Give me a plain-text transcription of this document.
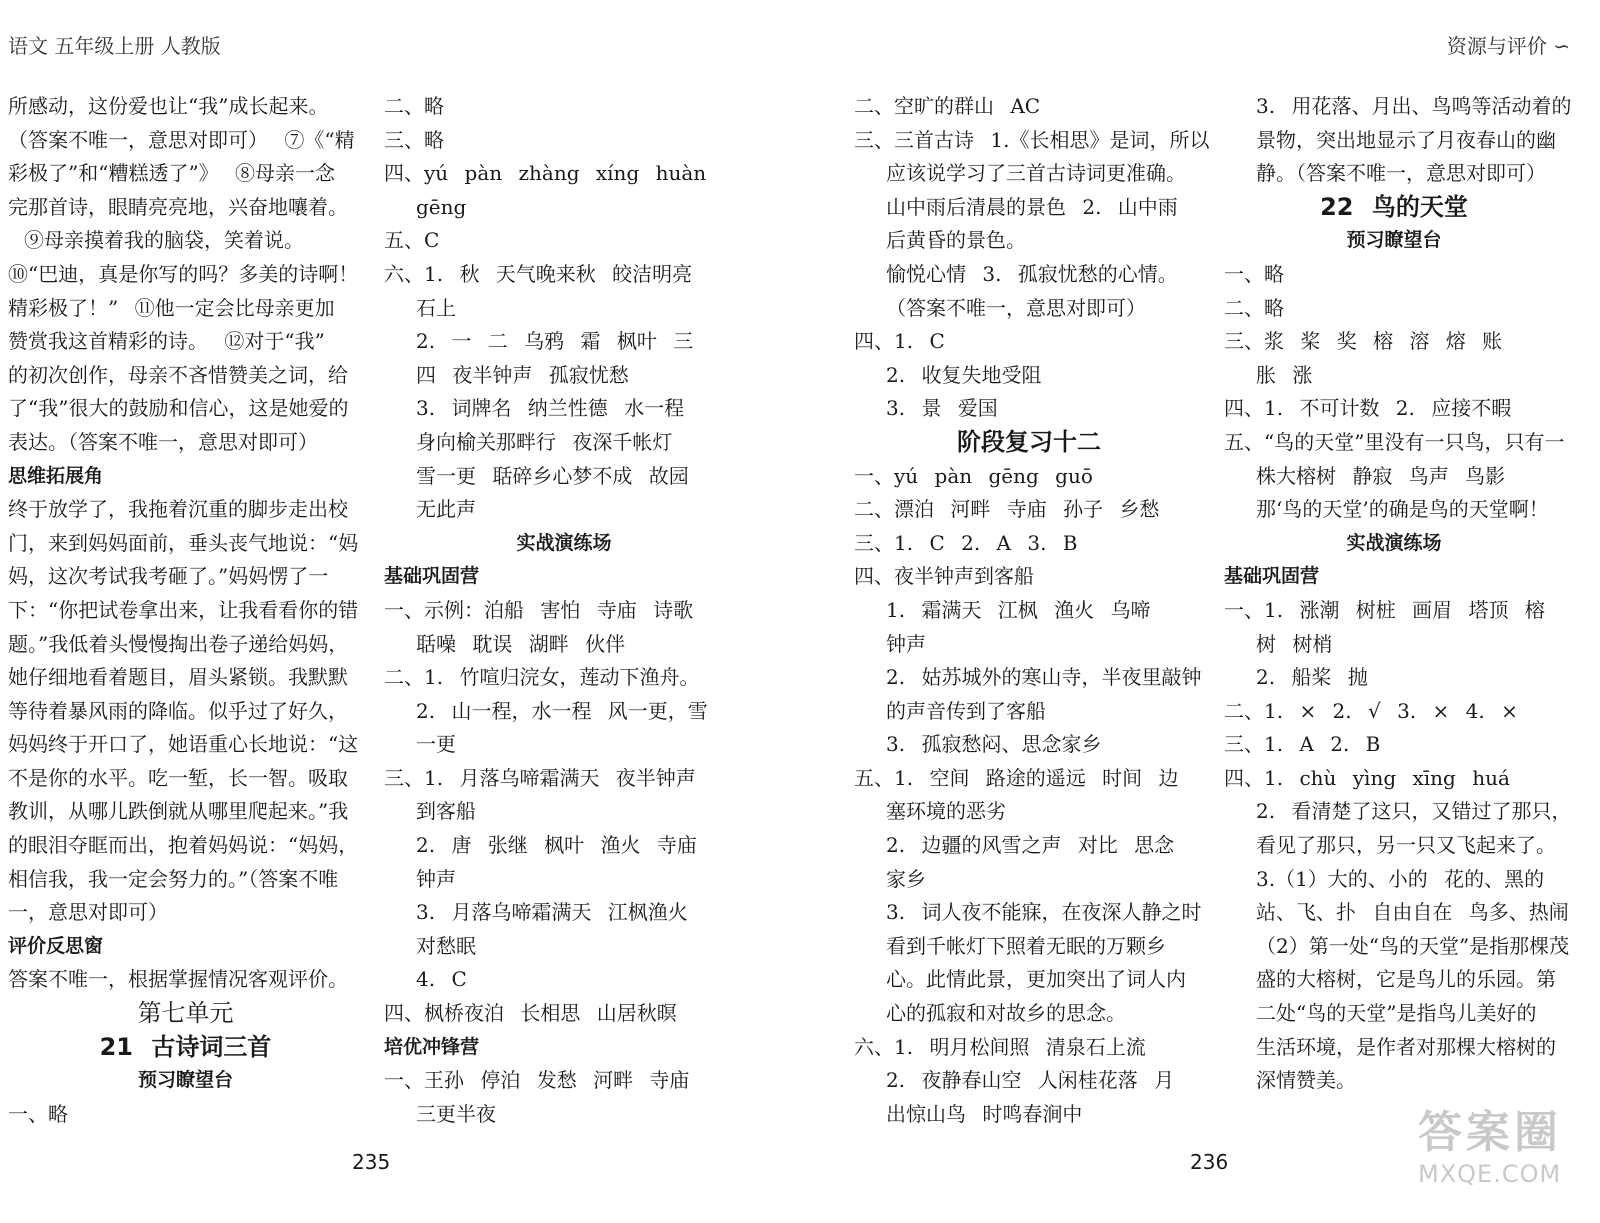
语文 五年级上册 人教版	资源与评价 ∽
所感动，这份爱也让“我”成长起来。
（答案不唯一，意思对即可） ⑦《“精
彩极了”和“糟糕透了”》 ⑧母亲一念
完那首诗，眼睛亮亮地，兴奋地嚷着。
⑨母亲摸着我的脑袋，笑着说。
⑩“巴迪，真是你写的吗？多美的诗啊！
精彩极了！” ⑪他一定会比母亲更加
赞赏我这首精彩的诗。 ⑫对于“我”
的初次创作，母亲不吝惜赞美之词，给
了“我”很大的鼓励和信心，这是她爱的
表达。（答案不唯一，意思对即可）
思维拓展角
终于放学了，我拖着沉重的脚步走出校
门，来到妈妈面前，垂头丧气地说：“妈
妈，这次考试我考砸了。”妈妈愣了一
下：“你把试卷拿出来，让我看看你的错
题。”我低着头慢慢掏出卷子递给妈妈，
她仔细地看着题目，眉头紧锁。我默默
等待着暴风雨的降临。似乎过了好久，
妈妈终于开口了，她语重心长地说：“这
不是你的水平。吃一堑，长一智。吸取
教训，从哪儿跌倒就从哪里爬起来。”我
的眼泪夺眶而出，抱着妈妈说：“妈妈，
相信我，我一定会努力的。”（答案不唯
一，意思对即可）
评价反思窗
答案不唯一，根据掌握情况客观评价。
第七单元
21 古诗词三首
预习瞭望台
一、略
二、略
三、略
四、yú pàn zhàng xíng huàn
gēng
五、C
六、1. 秋 天气晚来秋 皎洁明亮
石上
2. 一 二 乌鸦 霜 枫叶 三
四 夜半钟声 孤寂忧愁
3. 词牌名 纳兰性德 水一程
身向榆关那畔行 夜深千帐灯
雪一更 聒碎乡心梦不成 故园
无此声
实战演练场
基础巩固营
一、示例：泊船 害怕 寺庙 诗歌
聒噪 耽误 湖畔 伙伴
二、1. 竹喧归浣女，莲动下渔舟。
2. 山一程，水一程 风一更，雪
一更
三、1. 月落乌啼霜满天 夜半钟声
到客船
2. 唐 张继 枫叶 渔火 寺庙
钟声
3. 月落乌啼霜满天 江枫渔火
对愁眠
4. C
四、枫桥夜泊 长相思 山居秋暝
培优冲锋营
一、王孙 停泊 发愁 河畔 寺庙
三更半夜
二、空旷的群山 AC
三、三首古诗 1.《长相思》是词，所以
应该说学习了三首古诗词更准确。
山中雨后清晨的景色 2. 山中雨
后黄昏的景色。
愉悦心情 3. 孤寂忧愁的心情。
（答案不唯一，意思对即可）
四、1. C
2. 收复失地受阻
3. 景 爱国
阶段复习十二
一、yú pàn gēng guō
二、漂泊 河畔 寺庙 孙子 乡愁
三、1. C 2. A 3. B
四、夜半钟声到客船
1. 霜满天 江枫 渔火 乌啼
钟声
2. 姑苏城外的寒山寺，半夜里敲钟
的声音传到了客船
3. 孤寂愁闷、思念家乡
五、1. 空间 路途的遥远 时间 边
塞环境的恶劣
2. 边疆的风雪之声 对比 思念
家乡
3. 词人夜不能寐，在夜深人静之时
看到千帐灯下照着无眠的万颗乡
心。此情此景，更加突出了词人内
心的孤寂和对故乡的思念。
六、1. 明月松间照 清泉石上流
2. 夜静春山空 人闲桂花落 月
出惊山鸟 时鸣春涧中
3. 用花落、月出、鸟鸣等活动着的
景物，突出地显示了月夜春山的幽
静。（答案不唯一，意思对即可）
22 鸟的天堂
预习瞭望台
一、略
二、略
三、浆 桨 奖 榕 溶 熔 账
胀 涨
四、1. 不可计数 2. 应接不暇
五、“鸟的天堂”里没有一只鸟，只有一
株大榕树 静寂 鸟声 鸟影
那‘鸟的天堂’的确是鸟的天堂啊！
实战演练场
基础巩固营
一、1. 涨潮 树桩 画眉 塔顶 榕
树 树梢
2. 船桨 抛
二、1. × 2. √ 3. × 4. ×
三、1. A 2. B
四、1. chù yìng xīng huá
2. 看清楚了这只，又错过了那只，
看见了那只，另一只又飞起来了。
3.（1）大的、小的 花的、黑的
站、飞、扑 自由自在 鸟多、热闹
（2）第一处“鸟的天堂”是指那棵茂
盛的大榕树，它是鸟儿的乐园。第
二处“鸟的天堂”是指鸟儿美好的
生活环境，是作者对那棵大榕树的
深情赞美。
235	236
答案圈
MXQE.COM
